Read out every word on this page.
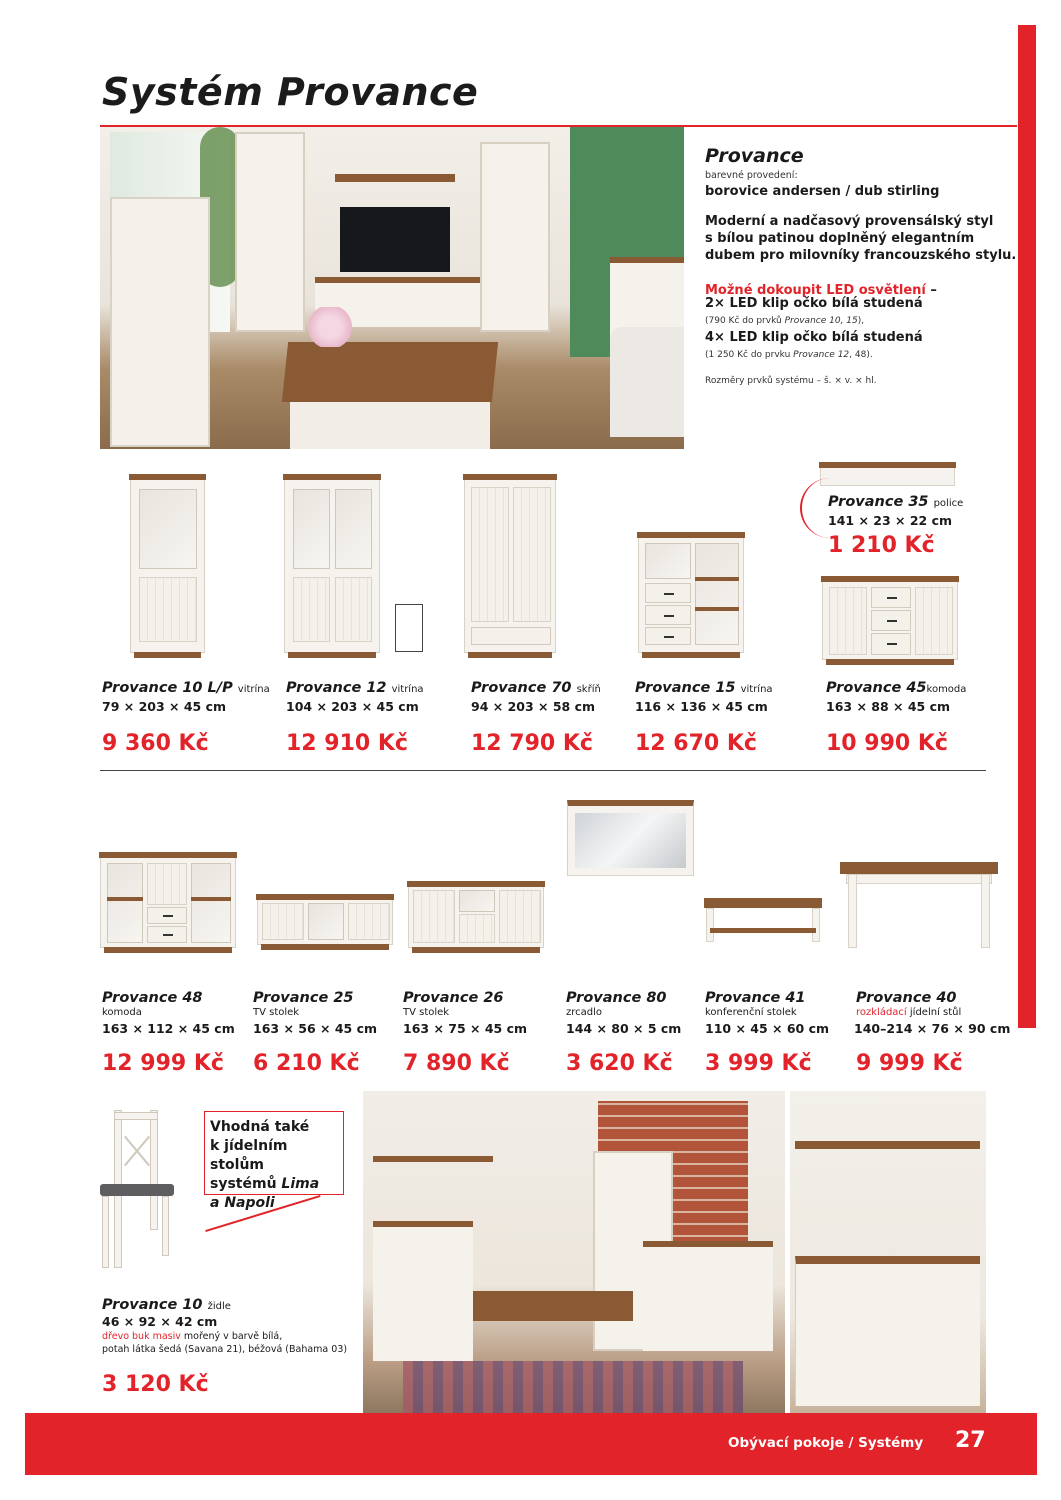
Systém Provance
Provance
barevné provedení:
borovice andersen / dub stirling
Moderní a nadčasový provensálský styl
s bílou patinou doplněný elegantním
dubem pro milovníky francouzského stylu.
Možné dokoupit LED osvětlení –
2× LED klip očko bílá studená
(790 Kč do prvků Provance 10, 15),
4× LED klip očko bílá studená
(1 250 Kč do prvku Provance 12, 48).
Rozměry prvků systému – š. × v. × hl.
Provance 35 police
141 × 23 × 22 cm
1 210 Kč
Provance 10 L/P vitrína
79 × 203 × 45 cm
9 360 Kč
Provance 12 vitrína
104 × 203 × 45 cm
12 910 Kč
Provance 70 skříň
94 × 203 × 58 cm
12 790 Kč
Provance 15 vitrína
116 × 136 × 45 cm
12 670 Kč
Provance 45komoda
163 × 88 × 45 cm
10 990 Kč
Provance 48
komoda
163 × 112 × 45 cm
12 999 Kč
Provance 25
TV stolek
163 × 56 × 45 cm
6 210 Kč
Provance 26
TV stolek
163 × 75 × 45 cm
7 890 Kč
Provance 80
zrcadlo
144 × 80 × 5 cm
3 620 Kč
Provance 41
konferenční stolek
110 × 45 × 60 cm
3 999 Kč
Provance 40
rozkládací jídelní stůl
140–214 × 76 × 90 cm
9 999 Kč
Vhodná také
k jídelním stolům
systémů Lima
a Napoli
Provance 10 židle
46 × 92 × 42 cm
dřevo buk masiv mořený v barvě bílá,
potah látka šedá (Savana 21), béžová (Bahama 03)
3 120 Kč
Obývací pokoje / Systémy 27
